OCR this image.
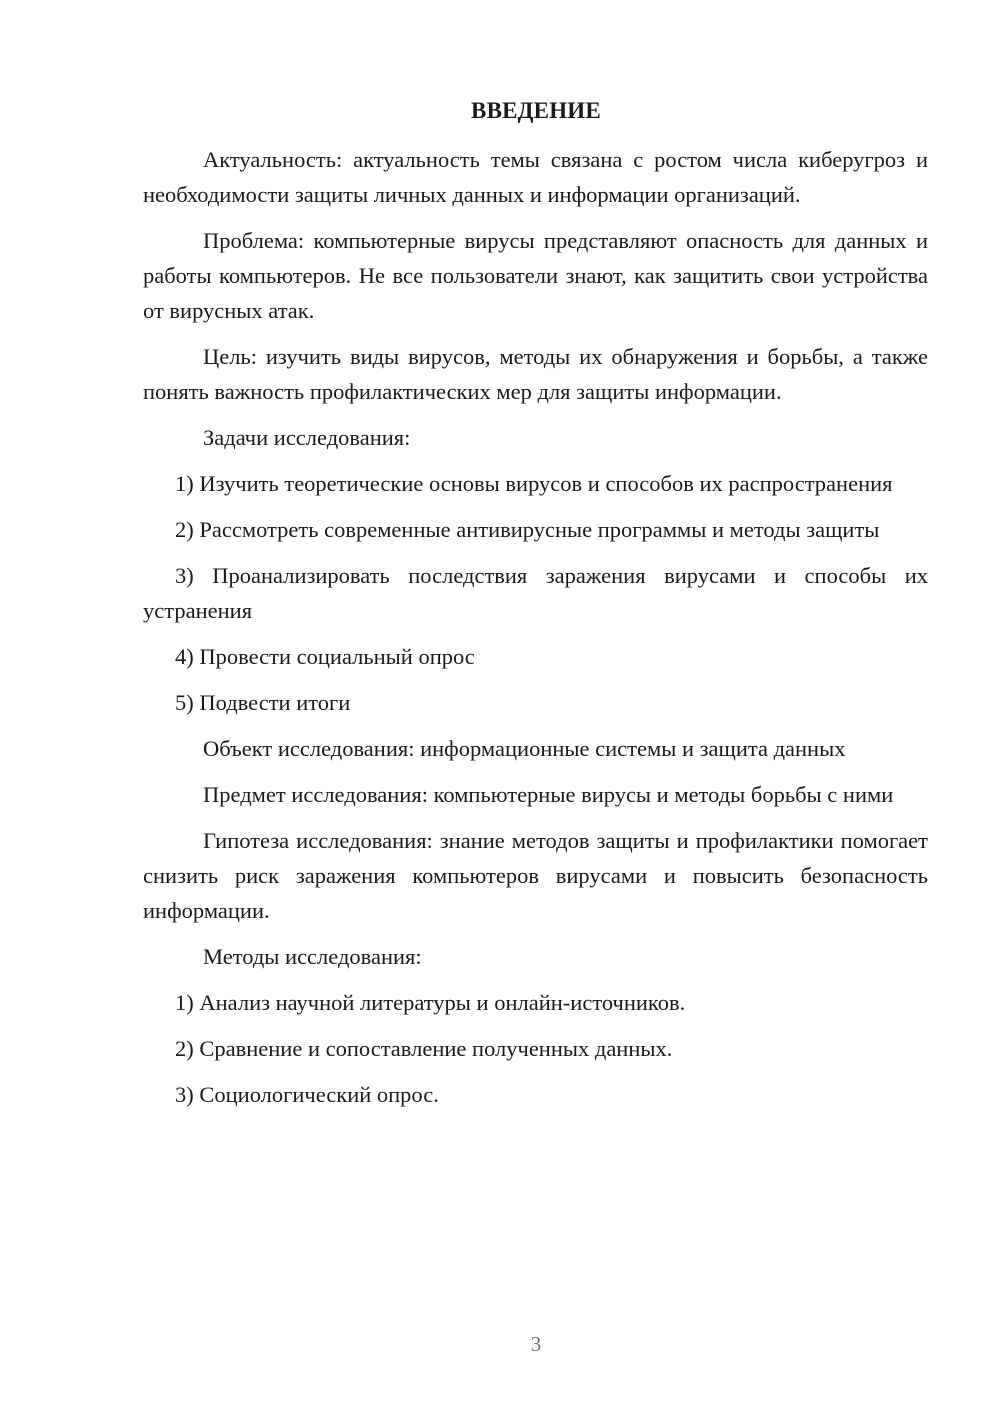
ВВЕДЕНИЕ

Актуальность: актуальность темы связана с ростом числа киберугроз и необходимости защиты личных данных и информации организаций.

Проблема: компьютерные вирусы представляют опасность для данных и работы компьютеров. Не все пользователи знают, как защитить свои устройства от вирусных атак.

Цель: изучить виды вирусов, методы их обнаружения и борьбы, а также понять важность профилактических мер для защиты информации.

Задачи исследования:

1) Изучить теоретические основы вирусов и способов их распространения

2) Рассмотреть современные антивирусные программы и методы защиты

3) Проанализировать последствия заражения вирусами и способы их устранения

4) Провести социальный опрос

5) Подвести итоги

Объект исследования: информационные системы и защита данных

Предмет исследования: компьютерные вирусы и методы борьбы с ними

Гипотеза исследования: знание методов защиты и профилактики помогает снизить риск заражения компьютеров вирусами и повысить безопасность информации.

Методы исследования:

1) Анализ научной литературы и онлайн-источников.

2) Сравнение и сопоставление полученных данных.

3) Социологический опрос.

3
